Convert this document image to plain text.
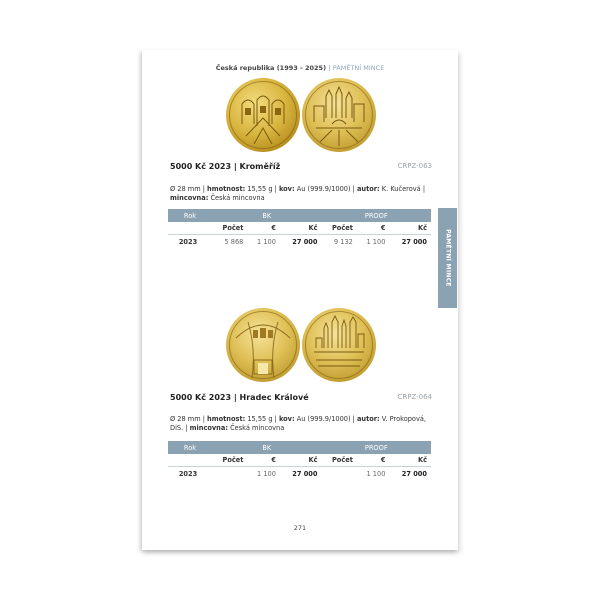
Česká republika (1993 - 2025) | PAMĚTNÍ MINCE
5000 Kč 2023 | Kroměříž	CRPZ-063
Ø 28 mm | hmotnost: 15,55 g | kov: Au (999.9/1000) | autor: K. Kučerová | mincovna: Česká mincovna
Rok	BK			PROOF		
	Počet	€	Kč	Počet	€	Kč
2023	5 868	1 100	27 000	9 132	1 100	27 000
5000 Kč 2023 | Hradec Králové	CRPZ-064
Ø 28 mm | hmotnost: 15,55 g | kov: Au (999.9/1000) | autor: V. Prokopová, DiS. | mincovna: Česká mincovna
Rok	BK			PROOF		
	Počet	€	Kč	Počet	€	Kč
2023		1 100	27 000		1 100	27 000
271
PAMĚTNÍ MINCE
